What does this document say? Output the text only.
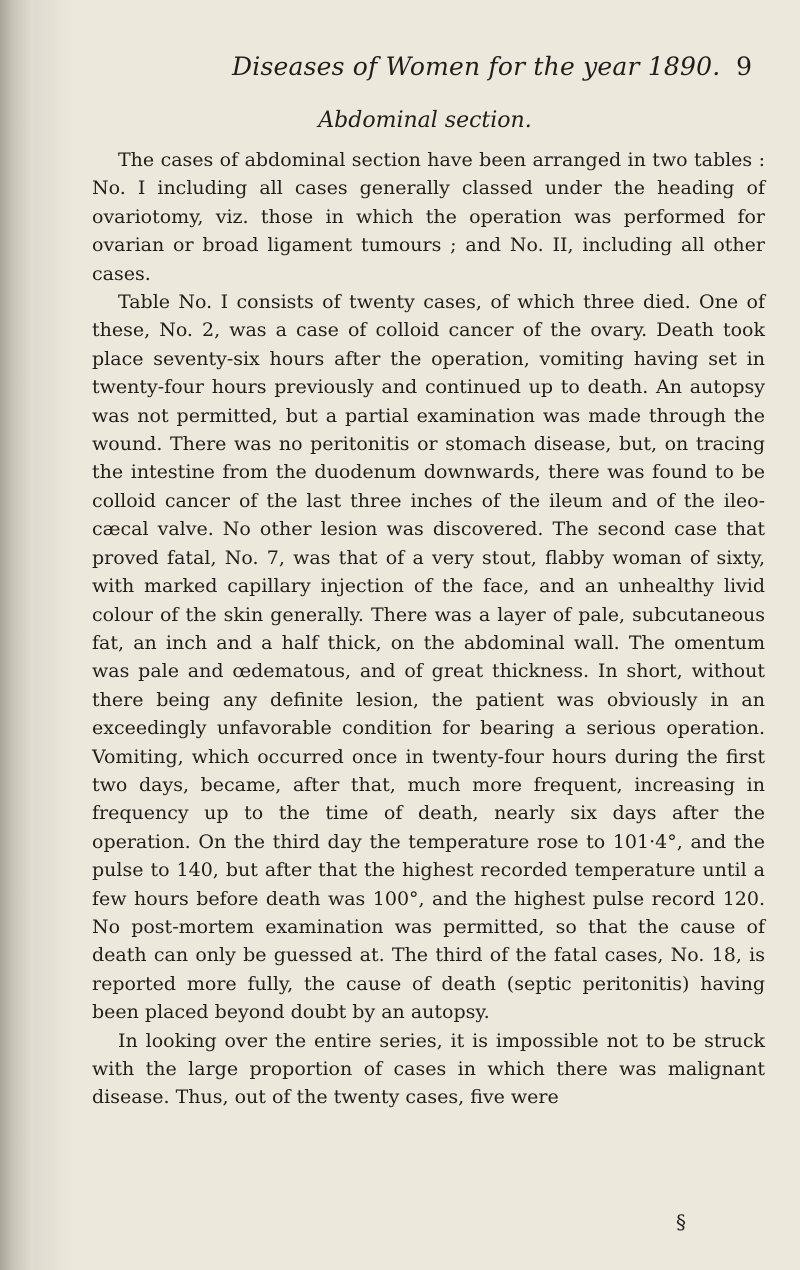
Diseases of Women for the year 1890. 9
Abdominal section.

The cases of abdominal section have been arranged in two tables : No. I including all cases generally classed under the heading of ovariotomy, viz. those in which the operation was performed for ovarian or broad ligament tumours ; and No. II, including all other cases.

Table No. I consists of twenty cases, of which three died. One of these, No. 2, was a case of colloid cancer of the ovary. Death took place seventy-six hours after the operation, vomiting having set in twenty-four hours previously and continued up to death. An autopsy was not permitted, but a partial examination was made through the wound. There was no peritonitis or stomach disease, but, on tracing the intestine from the duodenum downwards, there was found to be colloid cancer of the last three inches of the ileum and of the ileo-cæcal valve. No other lesion was discovered. The second case that proved fatal, No. 7, was that of a very stout, flabby woman of sixty, with marked capillary injection of the face, and an unhealthy livid colour of the skin generally. There was a layer of pale, subcutaneous fat, an inch and a half thick, on the abdominal wall. The omentum was pale and œdematous, and of great thickness. In short, without there being any definite lesion, the patient was obviously in an exceedingly unfavorable condition for bearing a serious operation. Vomiting, which occurred once in twenty-four hours during the first two days, became, after that, much more frequent, increasing in frequency up to the time of death, nearly six days after the operation. On the third day the temperature rose to 101·4°, and the pulse to 140, but after that the highest recorded temperature until a few hours before death was 100°, and the highest pulse record 120. No post-mortem examination was permitted, so that the cause of death can only be guessed at. The third of the fatal cases, No. 18, is reported more fully, the cause of death (septic peritonitis) having been placed beyond doubt by an autopsy.

In looking over the entire series, it is impossible not to be struck with the large proportion of cases in which there was malignant disease. Thus, out of the twenty cases, five were

§
